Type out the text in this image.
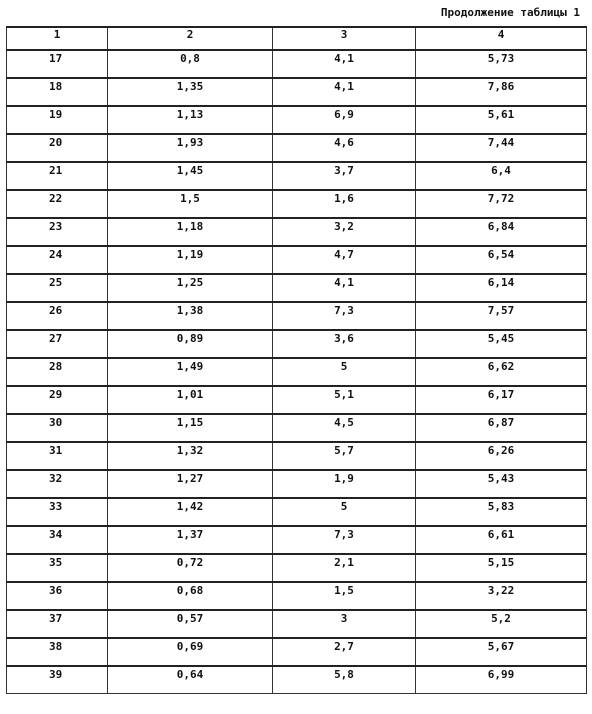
Продолжение таблицы 1
1	2	3	4
17	0,8	4,1	5,73
18	1,35	4,1	7,86
19	1,13	6,9	5,61
20	1,93	4,6	7,44
21	1,45	3,7	6,4
22	1,5	1,6	7,72
23	1,18	3,2	6,84
24	1,19	4,7	6,54
25	1,25	4,1	6,14
26	1,38	7,3	7,57
27	0,89	3,6	5,45
28	1,49	5	6,62
29	1,01	5,1	6,17
30	1,15	4,5	6,87
31	1,32	5,7	6,26
32	1,27	1,9	5,43
33	1,42	5	5,83
34	1,37	7,3	6,61
35	0,72	2,1	5,15
36	0,68	1,5	3,22
37	0,57	3	5,2
38	0,69	2,7	5,67
39	0,64	5,8	6,99
